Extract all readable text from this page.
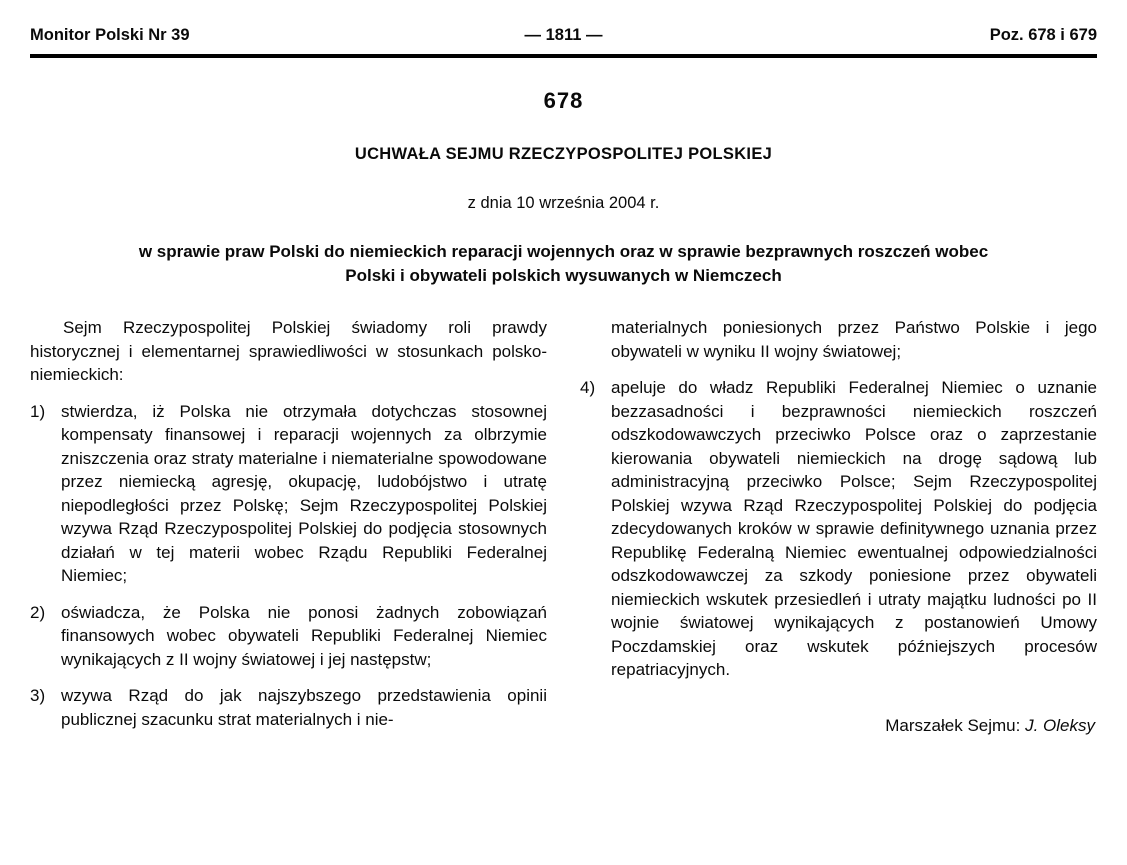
Monitor Polski Nr 39	— 1811 —	Poz. 678 i 679
678
UCHWAŁA SEJMU RZECZYPOSPOLITEJ POLSKIEJ
z dnia 10 września 2004 r.
w sprawie praw Polski do niemieckich reparacji wojennych oraz w sprawie bezprawnych roszczeń wobec
Polski i obywateli polskich wysuwanych w Niemczech

Sejm Rzeczypospolitej Polskiej świadomy roli prawdy historycznej i elementarnej sprawiedliwości w stosunkach polsko-niemieckich:

1) stwierdza, iż Polska nie otrzymała dotychczas stosownej kompensaty finansowej i reparacji wojennych za olbrzymie zniszczenia oraz straty materialne i niematerialne spowodowane przez niemiecką agresję, okupację, ludobójstwo i utratę niepodległości przez Polskę; Sejm Rzeczypospolitej Polskiej wzywa Rząd Rzeczypospolitej Polskiej do podjęcia stosownych działań w tej materii wobec Rządu Republiki Federalnej Niemiec;
2) oświadcza, że Polska nie ponosi żadnych zobowiązań finansowych wobec obywateli Republiki Federalnej Niemiec wynikających z II wojny światowej i jej następstw;
3) wzywa Rząd do jak najszybszego przedstawienia opinii publicznej szacunku strat materialnych i nie-

materialnych poniesionych przez Państwo Polskie i jego obywateli w wyniku II wojny światowej;

4) apeluje do władz Republiki Federalnej Niemiec o uznanie bezzasadności i bezprawności niemieckich roszczeń odszkodowawczych przeciwko Polsce oraz o zaprzestanie kierowania obywateli niemieckich na drogę sądową lub administracyjną przeciwko Polsce; Sejm Rzeczypospolitej Polskiej wzywa Rząd Rzeczypospolitej Polskiej do podjęcia zdecydowanych kroków w sprawie definitywnego uznania przez Republikę Federalną Niemiec ewentualnej odpowiedzialności odszkodowawczej za szkody poniesione przez obywateli niemieckich wskutek przesiedleń i utraty majątku ludności po II wojnie światowej wynikających z postanowień Umowy Poczdamskiej oraz wskutek późniejszych procesów repatriacyjnych.
Marszałek Sejmu: J. Oleksy
